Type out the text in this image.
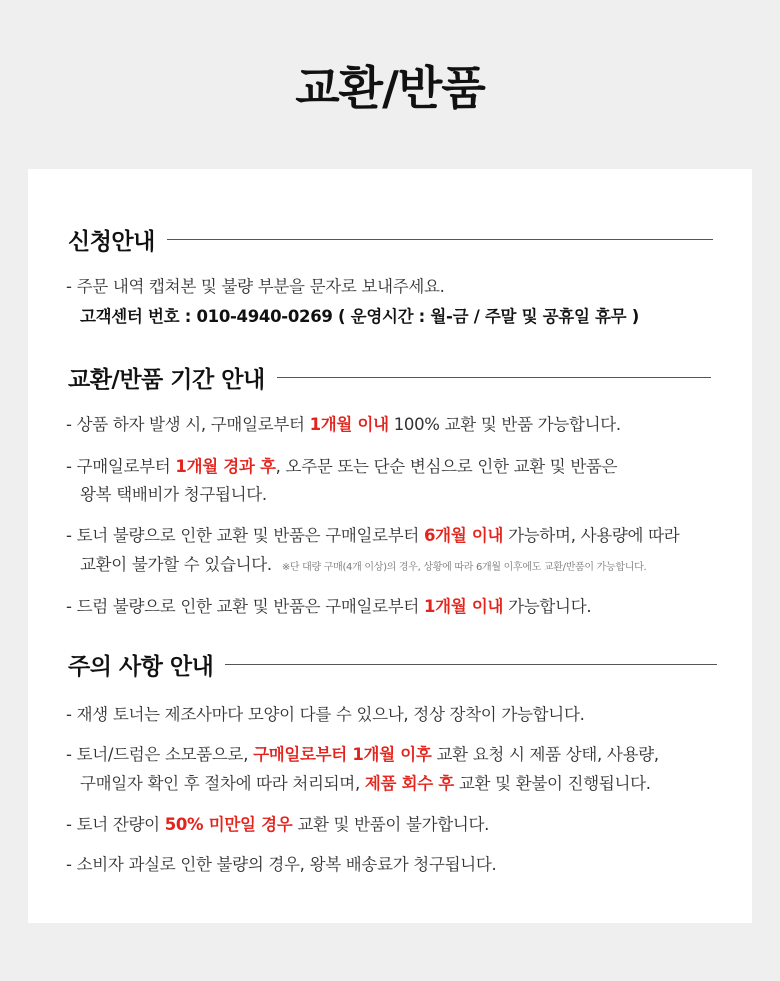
교환/반품
신청안내
- 주문 내역 캡쳐본 및 불량 부분을 문자로 보내주세요.
고객센터 번호 : 010-4940-0269 ( 운영시간 : 월-금 / 주말 및 공휴일 휴무 )
교환/반품 기간 안내
- 상품 하자 발생 시, 구매일로부터 1개월 이내 100% 교환 및 반품 가능합니다.
- 구매일로부터 1개월 경과 후, 오주문 또는 단순 변심으로 인한 교환 및 반품은
왕복 택배비가 청구됩니다.
- 토너 불량으로 인한 교환 및 반품은 구매일로부터 6개월 이내 가능하며, 사용량에 따라
교환이 불가할 수 있습니다. ※단 대량 구매(4개 이상)의 경우, 상황에 따라 6개월 이후에도 교환/반품이 가능합니다.
- 드럼 불량으로 인한 교환 및 반품은 구매일로부터 1개월 이내 가능합니다.
주의 사항 안내
- 재생 토너는 제조사마다 모양이 다를 수 있으나, 정상 장착이 가능합니다.
- 토너/드럼은 소모품으로, 구매일로부터 1개월 이후 교환 요청 시 제품 상태, 사용량,
구매일자 확인 후 절차에 따라 처리되며, 제품 회수 후 교환 및 환불이 진행됩니다.
- 토너 잔량이 50% 미만일 경우 교환 및 반품이 불가합니다.
- 소비자 과실로 인한 불량의 경우, 왕복 배송료가 청구됩니다.
